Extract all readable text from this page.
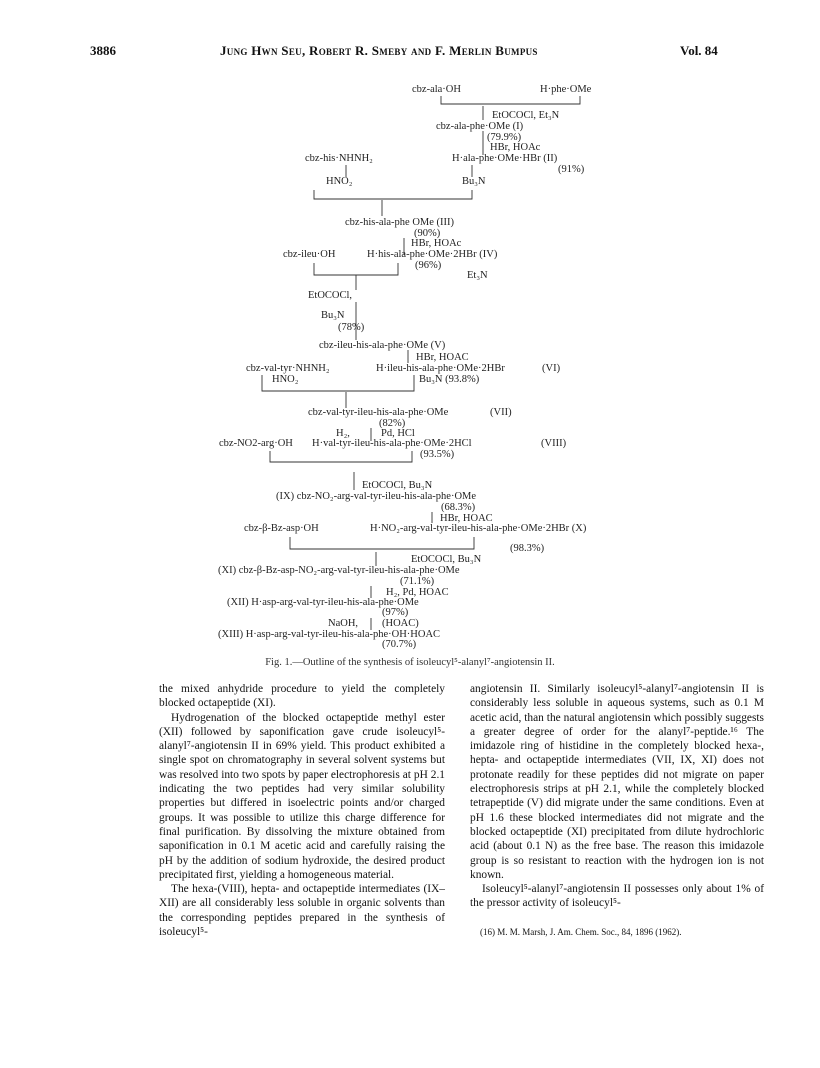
3886	Jung Hwn Seu, Robert R. Smeby and F. Merlin Bumpus	Vol. 84
cbz-ala·OH	H·phe·OMe
EtOCOCl, Et₃N
cbz-ala-phe·OMe (I)
(79.9%)
HBr, HOAc
cbz-his·NHNH₂	H·ala-phe·OMe·HBr (II)
(91%)
HNO₂	Bu₃N
cbz-his-ala-phe OMe (III)
(90%)
HBr, HOAc
cbz-ileu·OH	H·his-ala-phe·OMe·2HBr (IV)
(96%)
Et₃N
EtOCOCl,
Bu₃N
(78%)
cbz-ileu-his-ala-phe·OMe (V)
HBr, HOAC
cbz-val-tyr·NHNH₂	H·ileu-his-ala-phe·OMe·2HBr	(VI)
HNO₂	Bu₃N (93.8%)
cbz-val-tyr-ileu-his-ala-phe·OMe	(VII)
(82%)
H₂,	Pd, HCl
cbz-NO2-arg·OH H·val-tyr-ileu-his-ala-phe·OMe·2HCl	(VIII)
(93.5%)
EtOCOCl, Bu₃N
(IX) cbz-NO₂-arg-val-tyr-ileu-his-ala-phe·OMe
(68.3%)
HBr, HOAC
cbz-β-Bz-asp·OH	H·NO₂-arg-val-tyr-ileu-his-ala-phe·OMe·2HBr (X)
(98.3%)
EtOCOCl, Bu₃N
(XI) cbz-β-Bz-asp-NO₂-arg-val-tyr-ileu-his-ala-phe·OMe
(71.1%)
H₂, Pd, HOAC
(XII) H·asp-arg-val-tyr-ileu-his-ala-phe·OMe
(97%)
NaOH, (HOAC)
(XIII) H·asp-arg-val-tyr-ileu-his-ala-phe·OH·HOAC
(70.7%)
Fig. 1.—Outline of the synthesis of isoleucyl⁵-alanyl⁷-angiotensin II.

the mixed anhydride procedure to yield the completely blocked octapeptide (XI).

Hydrogenation of the blocked octapeptide methyl ester (XII) followed by saponification gave crude isoleucyl⁵-alanyl⁷-angiotensin II in 69% yield. This product exhibited a single spot on chromatography in several solvent systems but was resolved into two spots by paper electrophoresis at pH 2.1 indicating the two peptides had very similar solubility properties but differed in isoelectric points and/or charged groups. It was possible to utilize this charge difference for final purification. By dissolving the mixture obtained from saponification in 0.1 M acetic acid and carefully raising the pH by the addition of sodium hydroxide, the desired product precipitated first, yielding a homogeneous material.

The hexa-(VIII), hepta- and octapeptide intermediates (IX–XII) are all considerably less soluble in organic solvents than the corresponding peptides prepared in the synthesis of isoleucyl⁵-

angiotensin II. Similarly isoleucyl⁵-alanyl⁷-angiotensin II is considerably less soluble in aqueous systems, such as 0.1 M acetic acid, than the natural angiotensin which possibly suggests a greater degree of order for the alanyl⁷-peptide.¹⁶ The imidazole ring of histidine in the completely blocked hexa-, hepta- and octapeptide intermediates (VII, IX, XI) does not protonate readily for these peptides did not migrate on paper electrophoresis strips at pH 2.1, while the completely blocked tetrapeptide (V) did migrate under the same conditions. Even at pH 1.6 these blocked intermediates did not migrate and the blocked octapeptide (XI) precipitated from dilute hydrochloric acid (about 0.1 N) as the free base. The reason this imidazole group is so resistant to reaction with the hydrogen ion is not known.

Isoleucyl⁵-alanyl⁷-angiotensin II possesses only about 1% of the pressor activity of isoleucyl⁵-

(16) M. M. Marsh, J. Am. Chem. Soc., 84, 1896 (1962).
